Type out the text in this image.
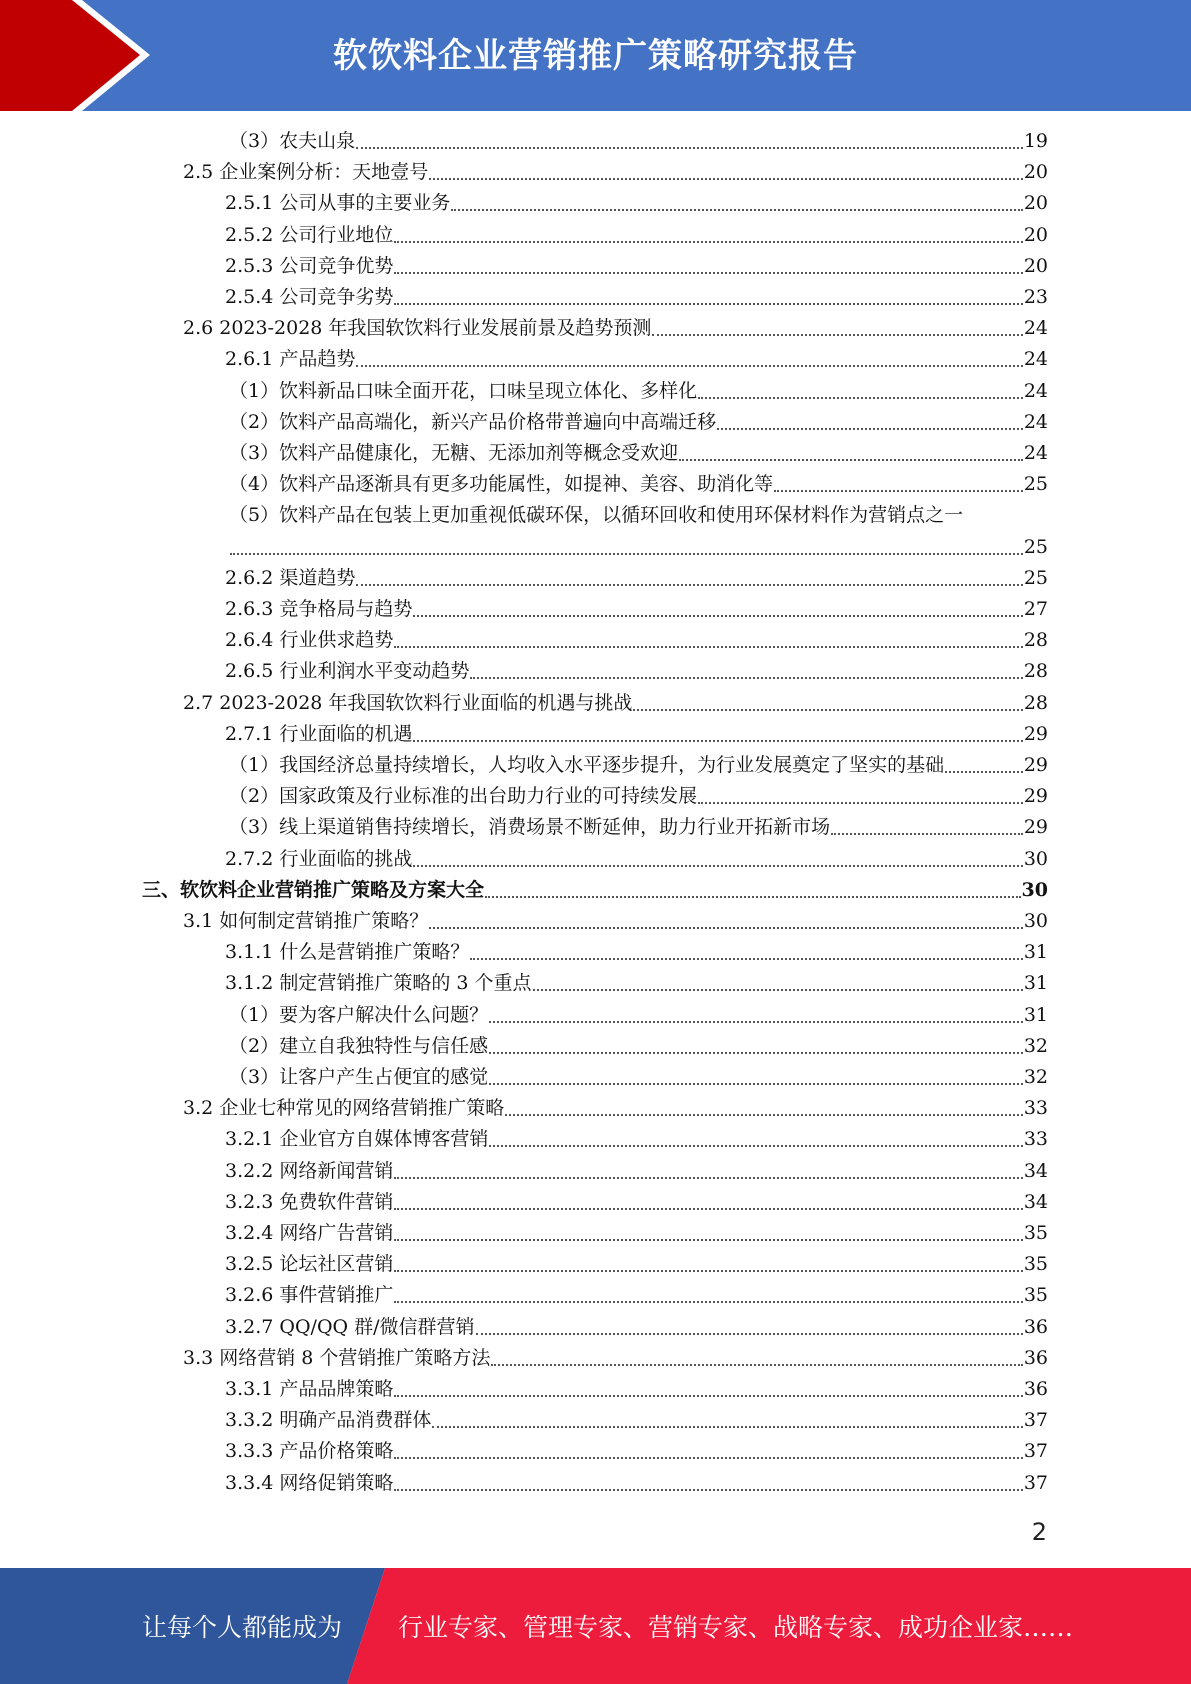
软饮料企业营销推广策略研究报告
（3）农夫山泉	19
2.5 企业案例分析：天地壹号	20
2.5.1 公司从事的主要业务	20
2.5.2 公司行业地位	20
2.5.3 公司竞争优势	20
2.5.4 公司竞争劣势	23
2.6 2023-2028 年我国软饮料行业发展前景及趋势预测	24
2.6.1 产品趋势	24
（1）饮料新品口味全面开花，口味呈现立体化、多样化	24
（2）饮料产品高端化，新兴产品价格带普遍向中高端迁移	24
（3）饮料产品健康化，无糖、无添加剂等概念受欢迎	24
（4）饮料产品逐渐具有更多功能属性，如提神、美容、助消化等	25
（5）饮料产品在包装上更加重视低碳环保，以循环回收和使用环保材料作为营销点之一
25
2.6.2 渠道趋势	25
2.6.3 竞争格局与趋势	27
2.6.4 行业供求趋势	28
2.6.5 行业利润水平变动趋势	28
2.7 2023-2028 年我国软饮料行业面临的机遇与挑战	28
2.7.1 行业面临的机遇	29
（1）我国经济总量持续增长，人均收入水平逐步提升，为行业发展奠定了坚实的基础	29
（2）国家政策及行业标准的出台助力行业的可持续发展	29
（3）线上渠道销售持续增长，消费场景不断延伸，助力行业开拓新市场	29
2.7.2 行业面临的挑战	30
三、软饮料企业营销推广策略及方案大全	30
3.1 如何制定营销推广策略？	30
3.1.1 什么是营销推广策略？	31
3.1.2 制定营销推广策略的 3 个重点	31
（1）要为客户解决什么问题？	31
（2）建立自我独特性与信任感	32
（3）让客户产生占便宜的感觉	32
3.2 企业七种常见的网络营销推广策略	33
3.2.1 企业官方自媒体博客营销	33
3.2.2 网络新闻营销	34
3.2.3 免费软件营销	34
3.2.4 网络广告营销	35
3.2.5 论坛社区营销	35
3.2.6 事件营销推广	35
3.2.7 QQ/QQ 群/微信群营销	36
3.3 网络营销 8 个营销推广策略方法	36
3.3.1 产品品牌策略	36
3.3.2 明确产品消费群体	37
3.3.3 产品价格策略	37
3.3.4 网络促销策略	37
2
让每个人都能成为 行业专家、管理专家、营销专家、战略专家、成功企业家……
